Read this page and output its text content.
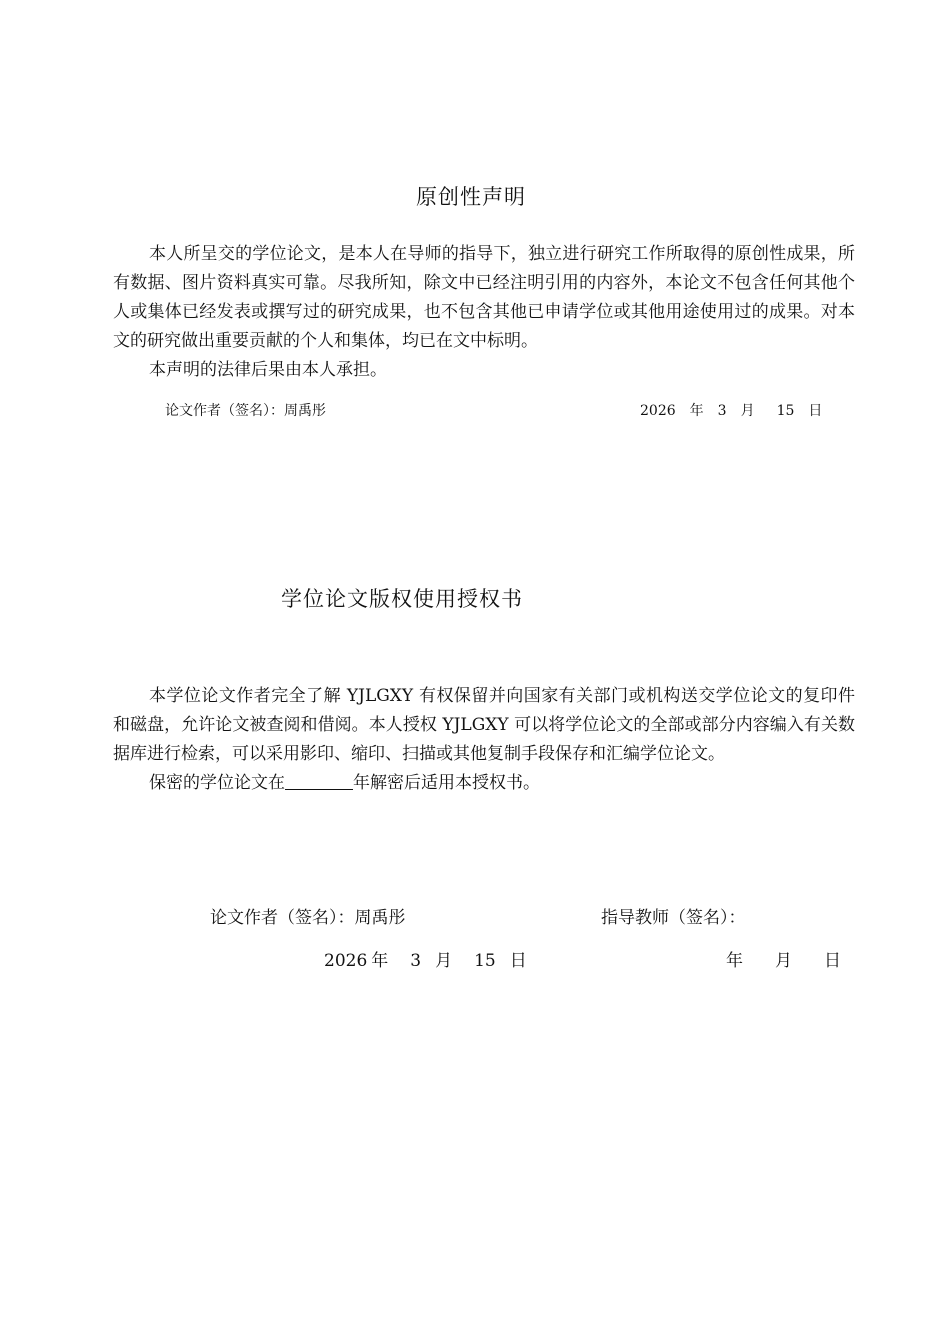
原创性声明

本人所呈交的学位论文，是本人在导师的指导下，独立进行研究工作所取得的原创性成果，所有数据、图片资料真实可靠。尽我所知，除文中已经注明引用的内容外，本论文不包含任何其他个人或集体已经发表或撰写过的研究成果，也不包含其他已申请学位或其他用途使用过的成果。对本文的研究做出重要贡献的个人和集体，均已在文中标明。

本声明的法律后果由本人承担。

论文作者（签名）：周禹彤	2026 年 3 月 15 日
学位论文版权使用授权书

本学位论文作者完全了解 YJLGXY 有权保留并向国家有关部门或机构送交学位论文的复印件和磁盘，允许论文被查阅和借阅。本人授权 YJLGXY 可以将学位论文的全部或部分内容编入有关数据库进行检索，可以采用影印、缩印、扫描或其他复制手段保存和汇编学位论文。

保密的学位论文在	年解密后适用本授权书。

论文作者（签名）：周禹彤	指导教师（签名）：
2026 年 3 月 15 日	年 月 日
